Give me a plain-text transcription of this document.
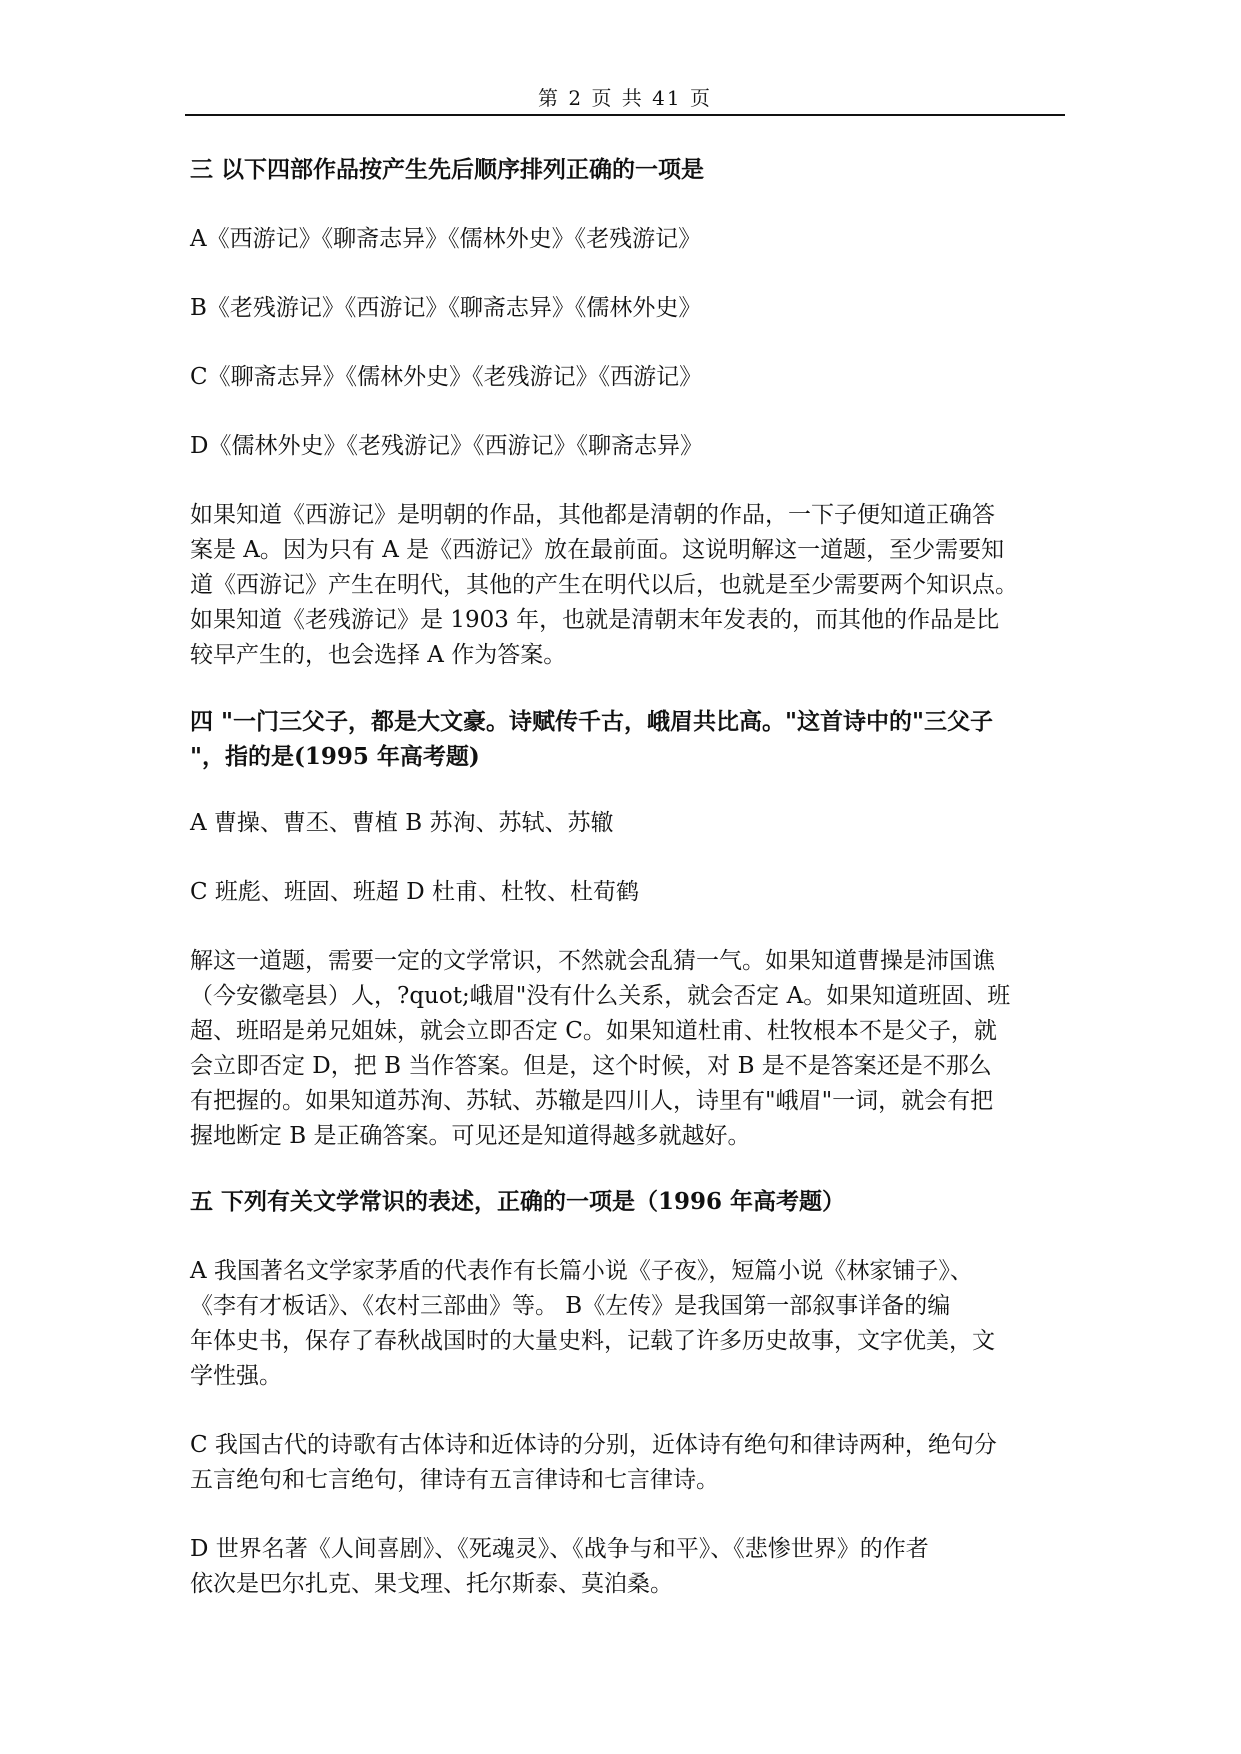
第 2 页 共 41 页

三 以下四部作品按产生先后顺序排列正确的一项是

A《西游记》《聊斋志异》《儒林外史》《老残游记》

B《老残游记》《西游记》《聊斋志异》《儒林外史》

C《聊斋志异》《儒林外史》《老残游记》《西游记》

D《儒林外史》《老残游记》《西游记》《聊斋志异》

如果知道《西游记》是明朝的作品，其他都是清朝的作品，一下子便知道正确答
案是 A。因为只有 A 是《西游记》放在最前面。这说明解这一道题，至少需要知
道《西游记》产生在明代，其他的产生在明代以后，也就是至少需要两个知识点。
如果知道《老残游记》是 1903 年，也就是清朝末年发表的，而其他的作品是比
较早产生的，也会选择 A 作为答案。
四 "一门三父子，都是大文豪。诗赋传千古，峨眉共比高。"这首诗中的"三父子
"，指的是(1995 年高考题)

A 曹操、曹丕、曹植 B 苏洵、苏轼、苏辙

C 班彪、班固、班超 D 杜甫、杜牧、杜荀鹤

解这一道题，需要一定的文学常识，不然就会乱猜一气。如果知道曹操是沛国谯
（今安徽亳县）人，?quot;峨眉"没有什么关系，就会否定 A。如果知道班固、班
超、班昭是弟兄姐妹，就会立即否定 C。如果知道杜甫、杜牧根本不是父子，就
会立即否定 D，把 B 当作答案。但是，这个时候，对 B 是不是答案还是不那么
有把握的。如果知道苏洵、苏轼、苏辙是四川人，诗里有"峨眉"一词，就会有把
握地断定 B 是正确答案。可见还是知道得越多就越好。

五 下列有关文学常识的表述，正确的一项是（1996 年高考题）

A 我国著名文学家茅盾的代表作有长篇小说《子夜》，短篇小说《林家铺子》、
《李有才板话》、《农村三部曲》等。 B《左传》是我国第一部叙事详备的编
年体史书，保存了春秋战国时的大量史料，记载了许多历史故事，文字优美，文
学性强。
C 我国古代的诗歌有古体诗和近体诗的分别，近体诗有绝句和律诗两种，绝句分
五言绝句和七言绝句，律诗有五言律诗和七言律诗。
D 世界名著《人间喜剧》、《死魂灵》、《战争与和平》、《悲惨世界》的作者
依次是巴尔扎克、果戈理、托尔斯泰、莫泊桑。
